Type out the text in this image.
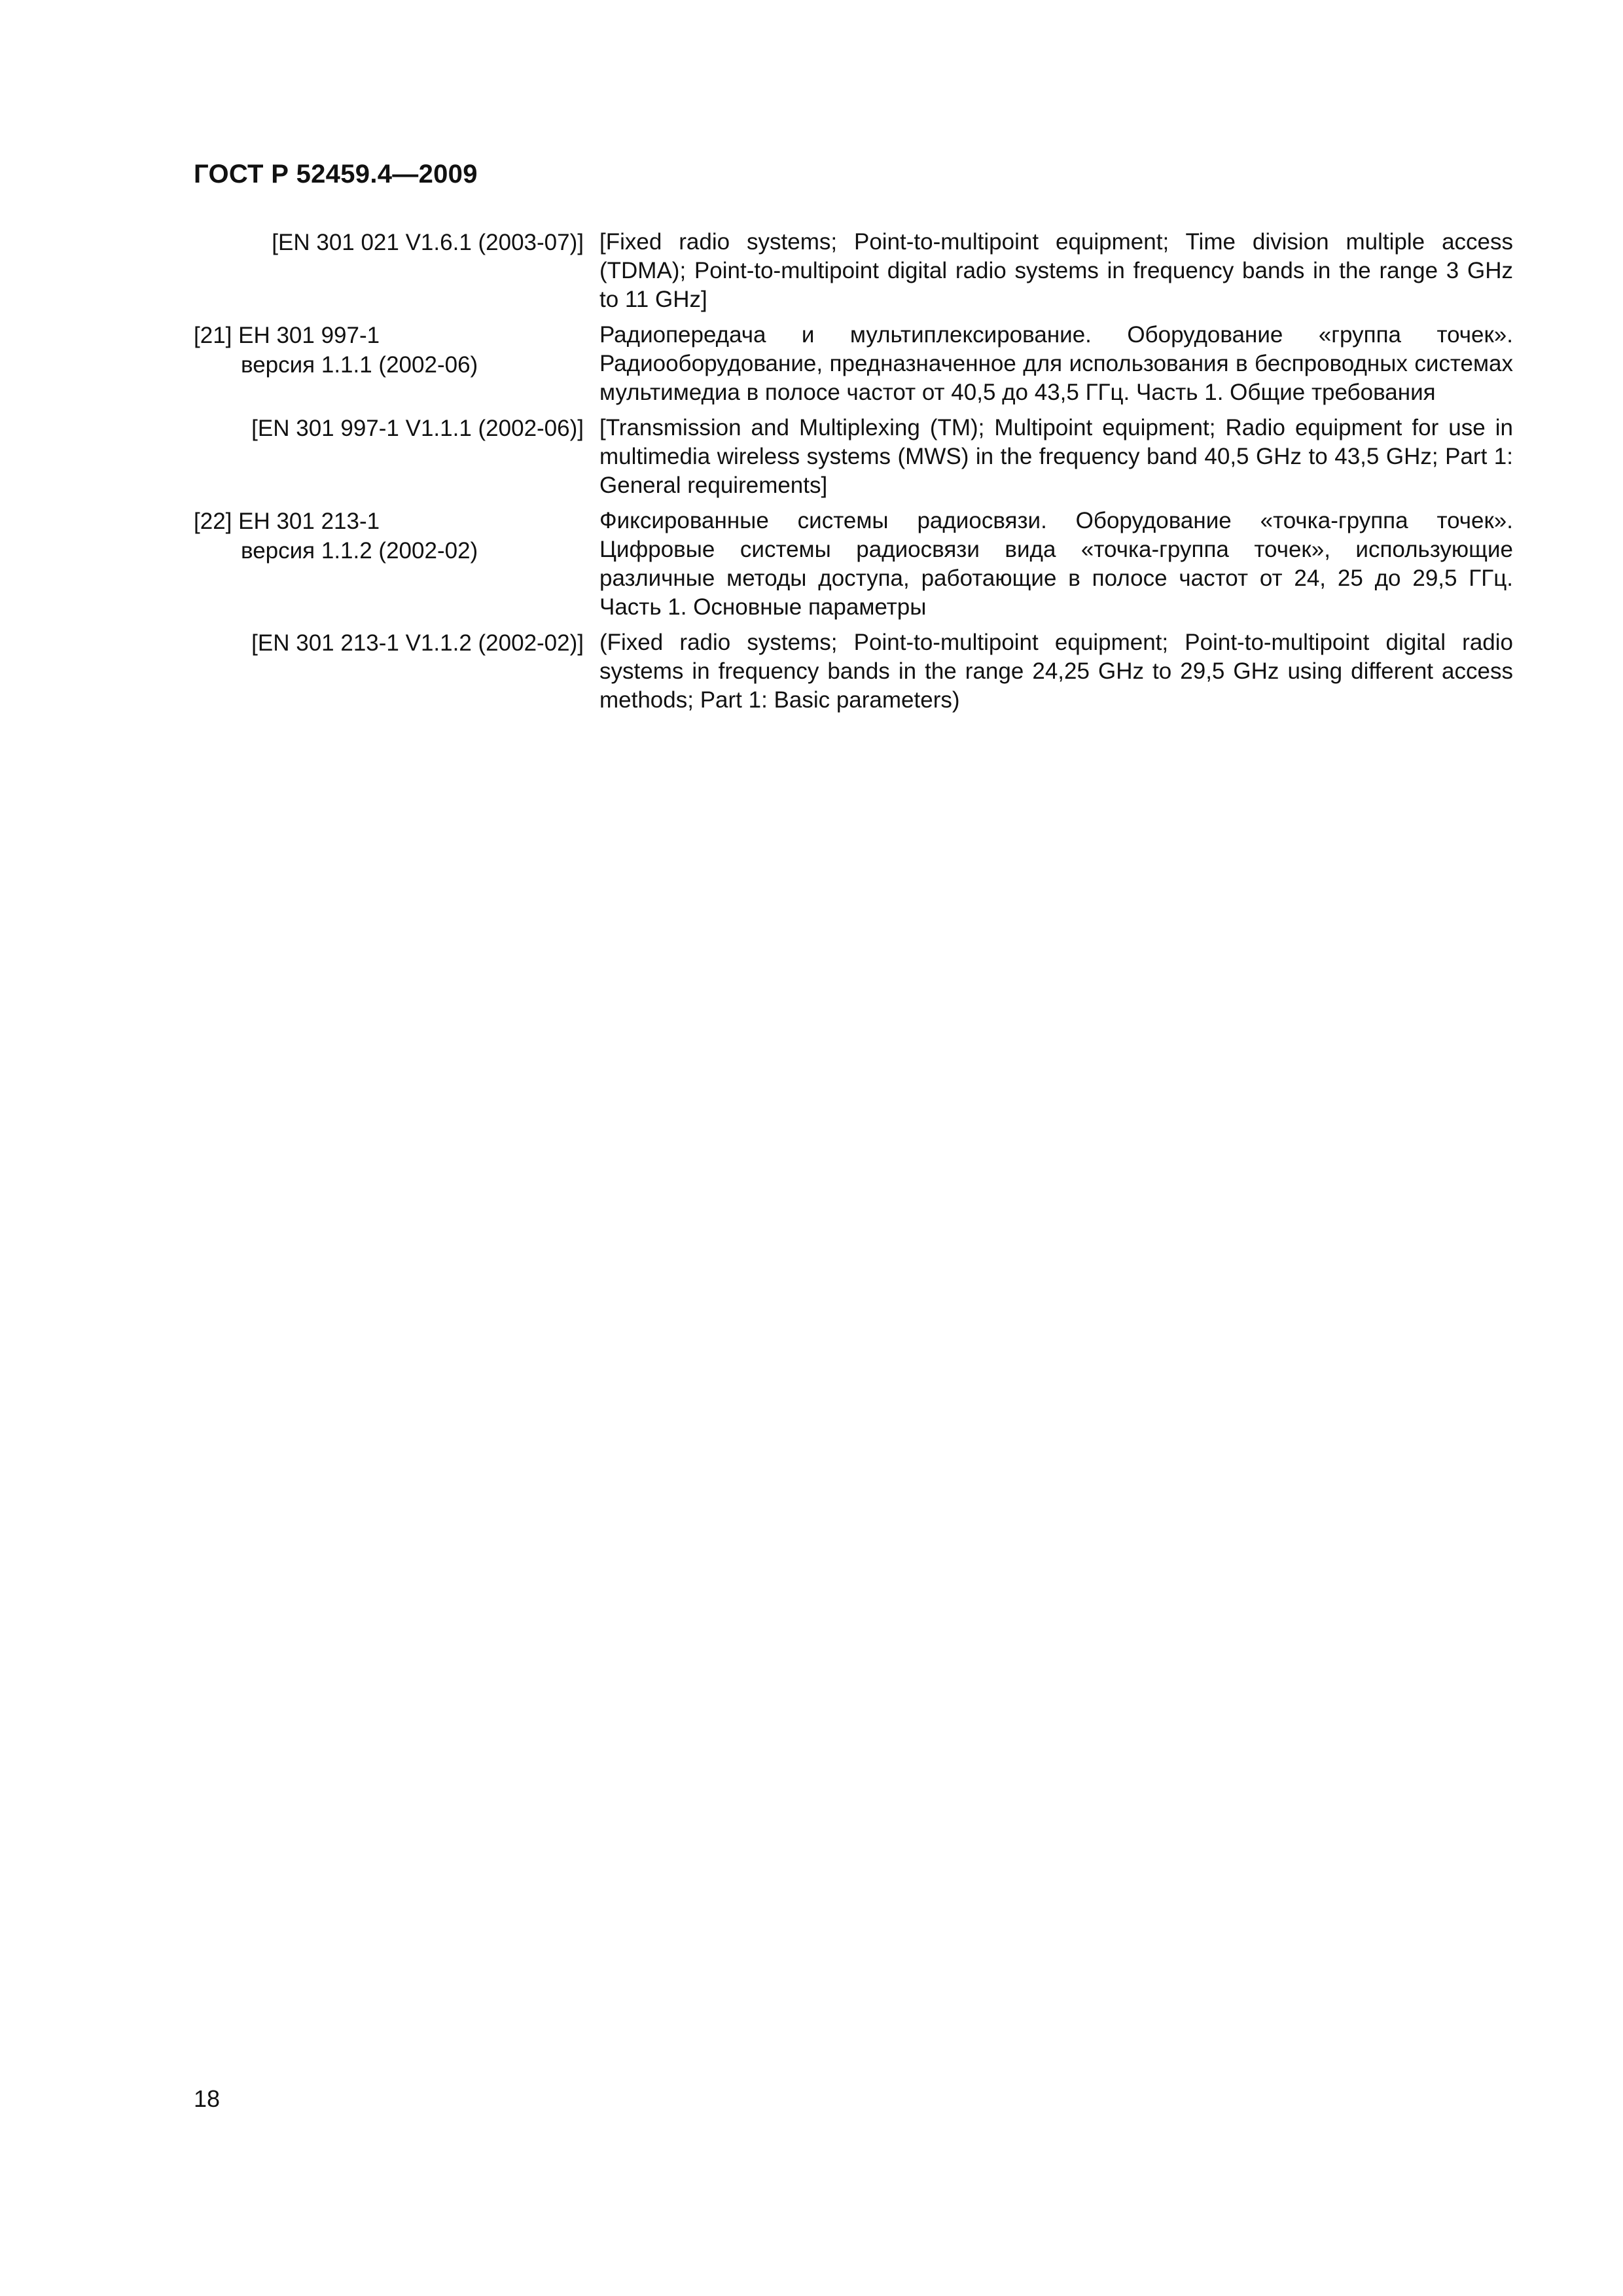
ГОСТ Р 52459.4—2009
[EN 301 021 V1.6.1 (2003-07)] [Fixed radio systems; Point-to-multipoint equipment; Time division multiple access (TDMA); Point-to-multipoint digital radio systems in frequency bands in the range 3 GHz to 11 GHz]
[21] ЕН 301 997-1
версия 1.1.1 (2002-06)
Радиопередача и мультиплексирование. Оборудование «группа точек». Радиооборудование, предназначенное для использования в беспроводных системах мультимедиа в полосе частот от 40,5 до 43,5 ГГц. Часть 1. Общие требования
[EN 301 997-1 V1.1.1 (2002-06)] [Transmission and Multiplexing (TM); Multipoint equipment; Radio equipment for use in multimedia wireless systems (MWS) in the frequency band 40,5 GHz to 43,5 GHz; Part 1: General requirements]
[22] ЕН 301 213-1
версия 1.1.2 (2002-02)
Фиксированные системы радиосвязи. Оборудование «точка-группа точек». Цифровые системы радиосвязи вида «точка-группа точек», использующие различные методы доступа, работающие в полосе частот от 24, 25 до 29,5 ГГц. Часть 1. Основные параметры
[EN 301 213-1 V1.1.2 (2002-02)] (Fixed radio systems; Point-to-multipoint equipment; Point-to-multipoint digital radio systems in frequency bands in the range 24,25 GHz to 29,5 GHz using different access methods; Part 1: Basic parameters)
18
